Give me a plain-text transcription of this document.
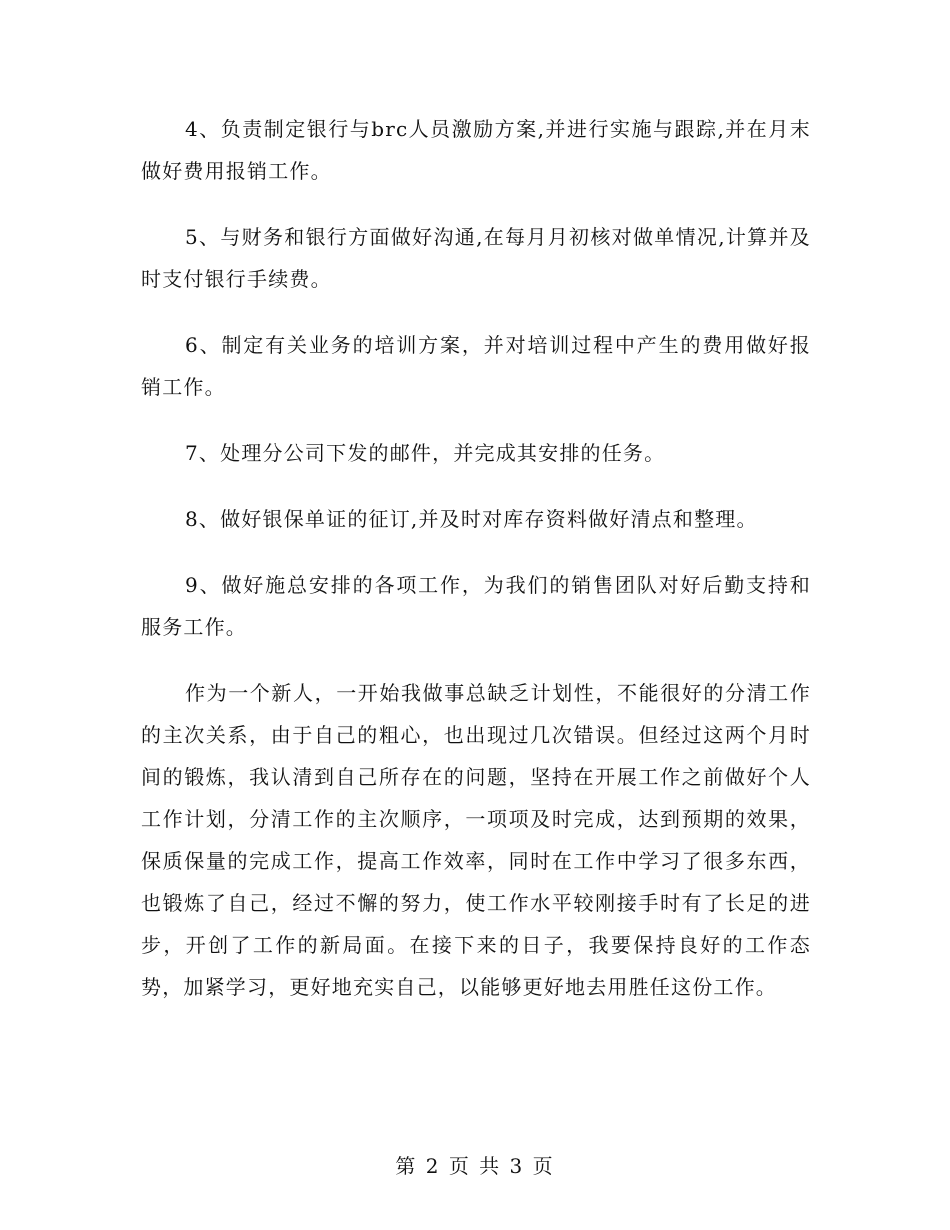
4、负责制定银行与brc人员激励方案,并进行实施与跟踪,并在月末做好费用报销工作。

5、与财务和银行方面做好沟通,在每月月初核对做单情况,计算并及时支付银行手续费。

6、制定有关业务的培训方案，并对培训过程中产生的费用做好报销工作。

7、处理分公司下发的邮件，并完成其安排的任务。

8、做好银保单证的征订,并及时对库存资料做好清点和整理。

9、做好施总安排的各项工作，为我们的销售团队对好后勤支持和服务工作。

作为一个新人，一开始我做事总缺乏计划性，不能很好的分清工作的主次关系，由于自己的粗心，也出现过几次错误。但经过这两个月时间的锻炼，我认清到自己所存在的问题，坚持在开展工作之前做好个人工作计划，分清工作的主次顺序，一项项及时完成，达到预期的效果，保质保量的完成工作，提高工作效率，同时在工作中学习了很多东西，也锻炼了自己，经过不懈的努力，使工作水平较刚接手时有了长足的进步，开创了工作的新局面。在接下来的日子，我要保持良好的工作态势，加紧学习，更好地充实自己，以能够更好地去用胜任这份工作。

第 2 页 共 3 页
